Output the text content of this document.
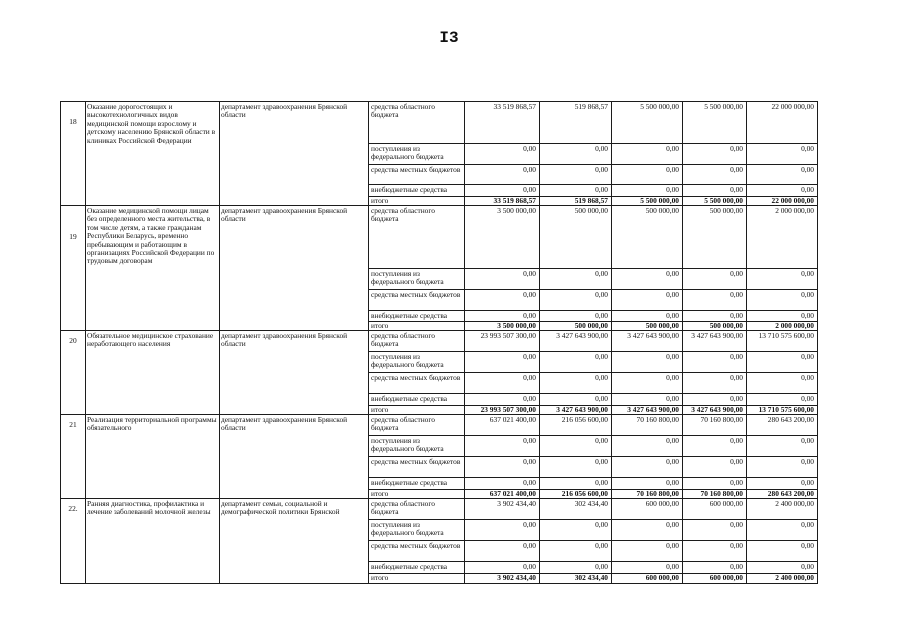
I3
18	Оказание дорогостоящих и высокотехнологичных видов медицинской помощи взрослому и детскому населению Брянской области в клиниках Российской Федерации	департамент здравоохранения Брянской области	средства областного бюджета	33 519 868,57	519 868,57	5 500 000,00	5 500 000,00	22 000 000,00

			поступления из федерального бюджета	0,00	0,00	0,00	0,00	0,00

			средства местных бюджетов	0,00	0,00	0,00	0,00	0,00

			внебюджетные средства	0,00	0,00	0,00	0,00	0,00

			итого	33 519 868,57	519 868,57	5 500 000,00	5 500 000,00	22 000 000,00

19	Оказание медицинской помощи лицам без определенного места жительства, в том числе детям, а также гражданам Республики Беларусь, временно пребывающим и работающим в организациях Российской Федерации по трудовым договорам	департамент здравоохранения Брянской области	средства областного бюджета	3 500 000,00	500 000,00	500 000,00	500 000,00	2 000 000,00

			поступления из федерального бюджета	0,00	0,00	0,00	0,00	0,00

			средства местных бюджетов	0,00	0,00	0,00	0,00	0,00

			внебюджетные средства	0,00	0,00	0,00	0,00	0,00

			итого	3 500 000,00	500 000,00	500 000,00	500 000,00	2 000 000,00

20	Обязательное медицинское страхование неработающего населения	департамент здравоохранения Брянской области	средства областного бюджета	23 993 507 300,00	3 427 643 900,00	3 427 643 900,00	3 427 643 900,00	13 710 575 600,00

			поступления из федерального бюджета	0,00	0,00	0,00	0,00	0,00

			средства местных бюджетов	0,00	0,00	0,00	0,00	0,00

			внебюджетные средства	0,00	0,00	0,00	0,00	0,00

			итого	23 993 507 300,00	3 427 643 900,00	3 427 643 900,00	3 427 643 900,00	13 710 575 600,00

21	Реализация территориальной программы обязательного	департамент здравоохранения Брянской области	средства областного бюджета	637 021 400,00	216 056 600,00	70 160 800,00	70 160 800,00	280 643 200,00

			поступления из федерального бюджета	0,00	0,00	0,00	0,00	0,00

			средства местных бюджетов	0,00	0,00	0,00	0,00	0,00

			внебюджетные средства	0,00	0,00	0,00	0,00	0,00

			итого	637 021 400,00	216 056 600,00	70 160 800,00	70 160 800,00	280 643 200,00

22.	Ранняя диагностика, профилактика и лечение заболеваний молочной железы	департамент семьи, социальной и демографической политики Брянской	средства областного бюджета	3 902 434,40	302 434,40	600 000,00	600 000,00	2 400 000,00

			поступления из федерального бюджета	0,00	0,00	0,00	0,00	0,00

			средства местных бюджетов	0,00	0,00	0,00	0,00	0,00

			внебюджетные средства	0,00	0,00	0,00	0,00	0,00

			итого	3 902 434,40	302 434,40	600 000,00	600 000,00	2 400 000,00
